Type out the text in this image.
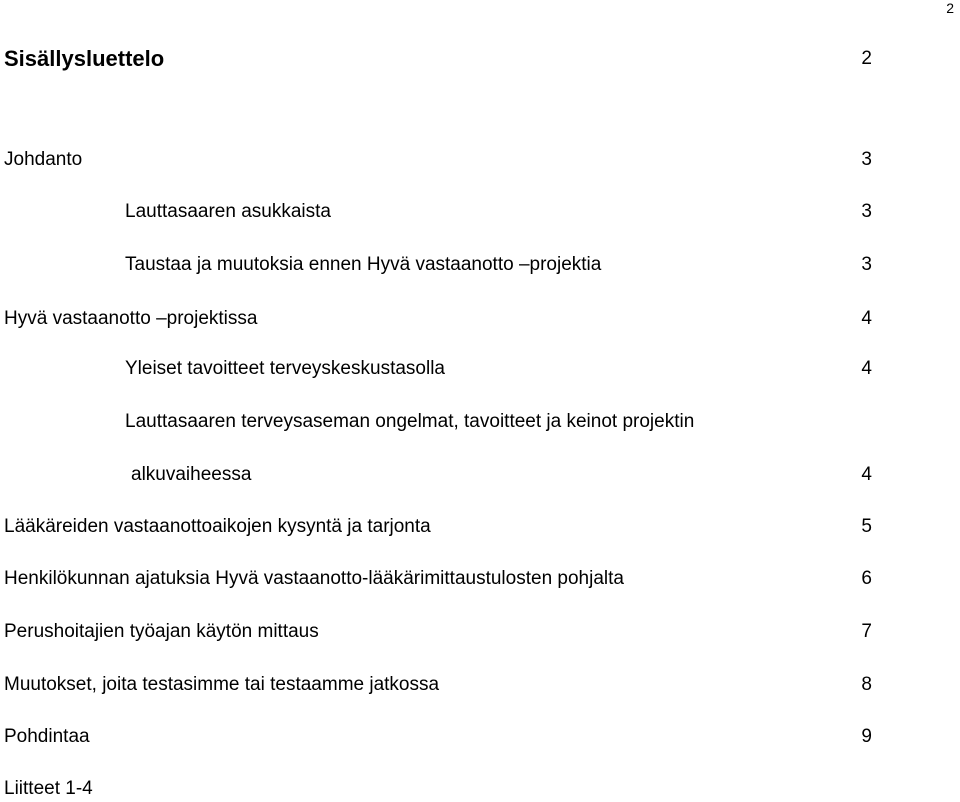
2
Sisällysluettelo	2
Johdanto	3
Lauttasaaren asukkaista	3
Taustaa ja muutoksia ennen Hyvä vastaanotto –projektia	3
Hyvä vastaanotto –projektissa	4
Yleiset tavoitteet terveyskeskustasolla	4
Lauttasaaren terveysaseman ongelmat, tavoitteet ja keinot projektin
alkuvaiheessa	4
Lääkäreiden vastaanottoaikojen kysyntä ja tarjonta	5
Henkilökunnan ajatuksia Hyvä vastaanotto-lääkärimittaustulosten pohjalta	6
Perushoitajien työajan käytön mittaus	7
Muutokset, joita testasimme tai testaamme jatkossa	8
Pohdintaa	9
Liitteet 1-4
